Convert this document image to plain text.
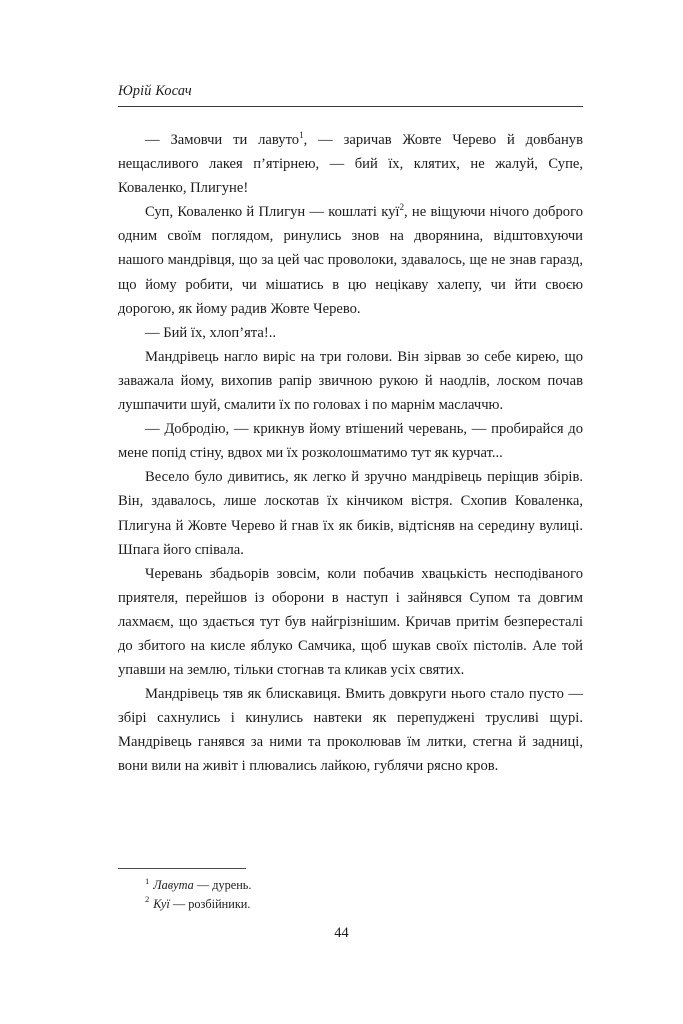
Юрій Косач

— Замовчи ти лавуто$^1$, — заричав Жовте Черево й довбанув нещасливого лакея п’ятірнею, — бий їх, клятих, не жалуй, Супе, Коваленко, Плигуне!

Суп, Коваленко й Плигун — кошлаті куї$^2$, не віщуючи нічого доброго одним своїм поглядом, ринулись знов на дворянина, відштовхуючи нашого мандрівця, що за цей час проволоки, здавалось, ще не знав гаразд, що йому робити, чи мішатись в цю нецікаву халепу, чи йти своєю дорогою, як йому радив Жовте Черево.

— Бий їх, хлоп’ята!..

Мандрівець нагло виріс на три голови. Він зірвав зо себе кирею, що заважала йому, вихопив рапір звичною рукою й наодлів, лоском почав лушпачити шуй, смалити їх по головах і по марнім маслаччю.

— Добродію, — крикнув йому втішений черевань, — пробирайся до мене попід стіну, вдвох ми їх розколошматимо тут як курчат...

Весело було дивитись, як легко й зручно мандрівець періщив збірів. Він, здавалось, лише лоскотав їх кінчиком вістря. Схопив Коваленка, Плигуна й Жовте Черево й гнав їх як биків, відтісняв на середину вулиці. Шпага його співала.

Черевань збадьорів зовсім, коли побачив хвацькість несподіваного приятеля, перейшов із оборони в наступ і зайнявся Супом та довгим лахмаєм, що здається тут був найгрізнішим. Кричав притім безпересталі до збитого на кисле яблуко Самчика, щоб шукав своїх пістолів. Але той упавши на землю, тільки стогнав та кликав усіх святих.

Мандрівець тяв як блискавиця. Вмить довкруги нього стало пусто — збірі сахнулись і кинулись навтеки як перепуджені трусливі щурі. Мандрівець ганявся за ними та проколював їм литки, стегна й задниці, вони вили на живіт і плювались лайкою, гублячи рясно кров.

$^1$ Лавута — дурень.

$^2$ Куї — розбійники.

44
